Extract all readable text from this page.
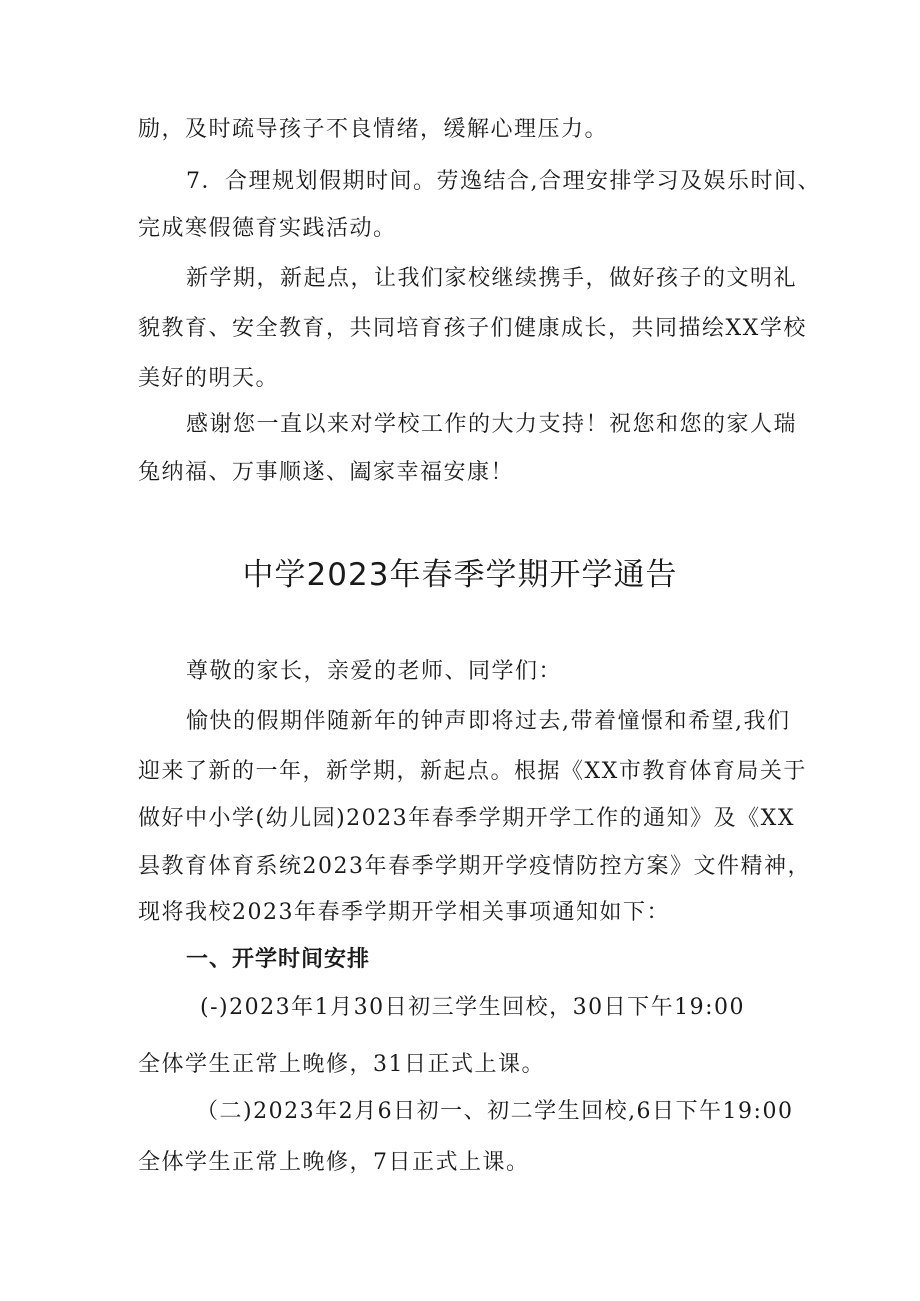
励，及时疏导孩子不良情绪，缓解心理压力。
7．合理规划假期时间。劳逸结合,合理安排学习及娱乐时间、
完成寒假德育实践活动。
新学期，新起点，让我们家校继续携手，做好孩子的文明礼
貌教育、安全教育，共同培育孩子们健康成长，共同描绘XX学校
美好的明天。
感谢您一直以来对学校工作的大力支持！祝您和您的家人瑞
兔纳福、万事顺遂、阖家幸福安康！
中学2023年春季学期开学通告
尊敬的家长，亲爱的老师、同学们：
愉快的假期伴随新年的钟声即将过去,带着憧憬和希望,我们
迎来了新的一年，新学期，新起点。根据《XX市教育体育局关于
做好中小学(幼儿园)2023年春季学期开学工作的通知》及《XX
县教育体育系统2023年春季学期开学疫情防控方案》文件精神，
现将我校2023年春季学期开学相关事项通知如下：
一、开学时间安排
(-)2023年1月30日初三学生回校，30日下午19:00
全体学生正常上晚修，31日正式上课。
（二)2023年2月6日初一、初二学生回校,6日下午19:00
全体学生正常上晚修，7日正式上课。
